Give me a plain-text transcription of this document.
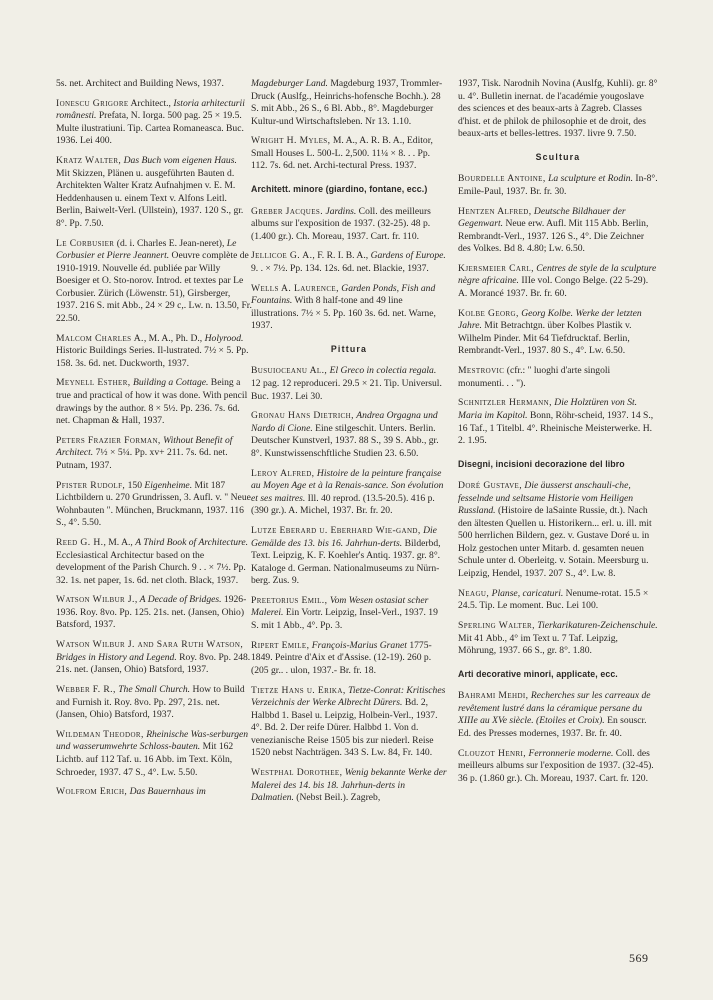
5s. net. Architect and Building News, 1937.
Ionescu Grigore Architect., Istoria arhitecturii românesti. Prefata, N. Iorga. 500 pag. 25 × 19.5. Multe ilustratiuni. Tip. Cartea Romaneasca. Buc. 1936. Lei 400.
Kratz Walter, Das Buch vom eigenen Haus. Mit Skizzen, Plänen u. ausgeführten Bauten d. Architekten Walter Kratz Aufnahjmen v. E. M. Heddenhausen u. einem Text v. Alfons Leitl. Berlin, Baiwelt-Verl. (Ullstein), 1937. 120 S., gr. 8°. Pp. 7.50.
Le Corbusier (d. i. Charles E. Jean-neret), Le Corbusier et Pierre Jeannert. Oeuvre complète de 1910-1919. Nouvelle éd. publiée par Willy Boesiger et O. Sto-norov. Introd. et textes par Le Corbusier. Zürich (Löwenstr. 51), Girsberger, 1937. 216 S. mit Abb., 24 × 29 c,. Lw. n. 13.50, Fr. 22.50.
Malcom Charles A., M. A., Ph. D., Holyrood. Historic Buildings Series. Il-lustrated. 7½ × 5. Pp. 158. 3s. 6d. net. Duckworth, 1937.
Meynell Esther, Building a Cottage. Being a true and practical of how it was done. With pencil drawings by the author. 8 × 5½. Pp. 236. 7s. 6d. net. Chapman & Hall, 1937.
Peters Frazier Forman, Without Benefit of Architect. 7½ × 5¼. Pp. xv+ 211. 7s. 6d. net. Putnam, 1937.
Pfister Rudolf, 150 Eigenheime. Mit 187 Lichtbildern u. 270 Grundrissen, 3. Aufl. v. " Neue Wohnbauten ". München, Bruckmann, 1937. 116 S., 4°. 5.50.
Reed G. H., M. A., A Third Book of Architecture. Ecclesiastical Architectur based on the development of the Parish Church. 9 . . × 7½. Pp. 32. 1s. net paper, 1s. 6d. net cloth. Black, 1937.
Watson Wilbur J., A Decade of Bridges. 1926-1936. Roy. 8vo. Pp. 125. 21s. net. (Jansen, Ohio) Batsford, 1937.
Watson Wilbur J. and Sara Ruth Watson, Bridges in History and Legend. Roy. 8vo. Pp. 248. 21s. net. (Jansen, Ohio) Batsford, 1937.
Webber F. R., The Small Church. How to Build and Furnish it. Roy. 8vo. Pp. 297, 21s. net. (Jansen, Ohio) Batsford, 1937.
Wildeman Theodor, Rheinische Was-serburgen und wasserumwehrte Schloss-bauten. Mit 162 Lichtb. auf 112 Taf. u. 16 Abb. im Text. Köln, Schroeder, 1937. 47 S., 4°. Lw. 5.50.
Wolfrom Erich, Das Bauernhaus im
Magdeburger Land. Magdeburg 1937, Trommler- Druck (Auslfg., Heinrichs-hofensche Bochh.). 28 S. mit Abb., 26 S., 6 Bl. Abb., 8°. Magdeburger Kultur-und Wirtschaftsleben. Nr 13. 1.10.
Wright H. Myles, M. A., A. R. B. A., Editor, Small Houses L. 500-L. 2,500. 11¼ × 8. . . Pp. 112. 7s. 6d. net. Archi-tectural Press. 1937.
Architett. minore (giardino, fontane, ecc.)
Greber Jacques. Jardins. Coll. des meilleurs albums sur l'exposition de 1937. (32-25). 48 p. (1.400 gr.). Ch. Moreau, 1937. Cart. fr. 110.
Jellicoe G. A., F. R. I. B. A., Gardens of Europe. 9. . × 7½. Pp. 134. 12s. 6d. net. Blackie, 1937.
Wells A. Laurence, Garden Ponds, Fish and Fountains. With 8 half-tone and 49 line illustrations. 7½ × 5. Pp. 160 3s. 6d. net. Warne, 1937.
Pittura
Busuioceanu Al., El Greco in colectia regala. 12 pag. 12 reproduceri. 29.5 × 21. Tip. Universul. Buc. 1937. Lei 30.
Gronau Hans Dietrich, Andrea Orgagna und Nardo di Cione. Eine stilgeschit. Unters. Berlin. Deutscher Kunstverl, 1937. 88 S., 39 S. Abb., gr. 8°. Kunstwissenschftliche Studien 23. 6.50.
Leroy Alfred, Histoire de la peinture française au Moyen Age et à la Renais-sance. Son évolution et ses maitres. Ill. 40 reprod. (13.5-20.5). 416 p. (390 gr.). A. Michel, 1937. Br. fr. 20.
Lutze Eberard u. Eberhard Wie-gand, Die Gemälde des 13. bis 16. Jahrhun-derts. Bilderbd, Text. Leipzig, K. F. Koehler's Antiq. 1937. gr. 8°. Kataloge d. German. Nationalmuseums zu Nürn-berg. Zus. 9.
Preetorius Emil., Vom Wesen ostasiat scher Malerei. Ein Vortr. Leipzig, Insel-Verl., 1937. 19 S. mit 1 Abb., 4°. Pp. 3.
Ripert Emile, François-Marius Granet 1775-1849. Peintre d'Aix et d'Assise. (12-19). 260 p. (205 gr.. . ulon, 1937.- Br. fr. 18.
Tietze Hans u. Erika, Tietze-Conrat: Kritisches Verzeichnis der Werke Albrecht Dürers. Bd. 2, Halbbd 1. Basel u. Leipzig, Holbein-Verl., 1937. 4°. Bd. 2. Der reife Dürer. Halbbd 1. Von d. venezianische Reise 1505 bis zur niederl. Reise 1520 nebst Nachträgen. 343 S. Lw. 84, Fr. 140.
Westphal Dorothee, Wenig bekannte Werke der Malerei des 14. bis 18. Jahrhun-derts in Dalmatien. (Nebst Beil.). Zagreb,
1937, Tisk. Narodnih Novina (Auslfg, Kuhli). gr. 8° u. 4°. Bulletin inernat. de l'académie yougoslave des sciences et des beaux-arts à Zagreb. Classes d'hist. et de philok de philosophie et de droit, des beaux-arts et belles-lettres. 1937. livre 9. 7.50.
Scultura
Bourdelle Antoine, La sculpture et Rodin. In-8°. Emile-Paul, 1937. Br. fr. 30.
Hentzen Alfred, Deutsche Bildhauer der Gegenwart. Neue erw. Aufl. Mit 115 Abb. Berlin, Rembrandt-Verl., 1937. 126 S., 4°. Die Zeichner des Volkes. Bd 8. 4.80; Lw. 6.50.
Kjersmeier Carl, Centres de style de la sculpture nègre africaine. IIIe vol. Congo Belge. (22 5-29). A. Morancé 1937. Br. fr. 60.
Kolbe Georg, Georg Kolbe. Werke der letzten Jahre. Mit Betrachtgn. über Kolbes Plastik v. Wilhelm Pinder. Mit 64 Tiefdrucktaf. Berlin, Rembrandt-Verl., 1937. 80 S., 4°. Lw. 6.50.
Mestrovic (cfr.: " luoghi d'arte singoli monumenti. . . ").
Schnitzler Hermann, Die Holztüren von St. Maria im Kapitol. Bonn, Röhr-scheid, 1937. 14 S., 16 Taf., 1 Titelbl. 4°. Rheinische Meisterwerke. H. 2. 1.95.
Disegni, incisioni decorazione del libro
Doré Gustave, Die äusserst anschauli-che, fesselnde und seltsame Historie vom Heiligen Russland. (Histoire de laSainte Russie, dt.). Nach den ältesten Quellen u. Historikern... erl. u. ill. mit 500 herrlichen Bildern, gez. v. Gustave Doré u. in Holz gestochen unter Mitarb. d. gesamten neuen Schule unter d. Oberleitg. v. Sotain. Meersburg u. Leipzig, Hendel, 1937. 207 S., 4°. Lw. 8.
Neagu, Planse, caricaturi. Nenume-rotat. 15.5 × 24.5. Tip. Le moment. Buc. Lei 100.
Sperling Walter, Tierkarikaturen-Zeichenschule. Mit 41 Abb., 4° im Text u. 7 Taf. Leipzig, Möhrung, 1937. 66 S., gr. 8°. 1.80.
Arti decorative minori, applicate, ecc.
Bahrami Mehdi, Recherches sur les carreaux de revêtement lustré dans la céramique persane du XIIIe au XVe siècle. (Etoiles et Croix). En souscr. Ed. des Presses modernes, 1937. Br. fr. 40.
Clouzot Henri, Ferronnerie moderne. Coll. des meilleurs albums sur l'exposition de 1937. (32-45). 36 p. (1.860 gr.). Ch. Moreau, 1937. Cart. fr. 120.
569
